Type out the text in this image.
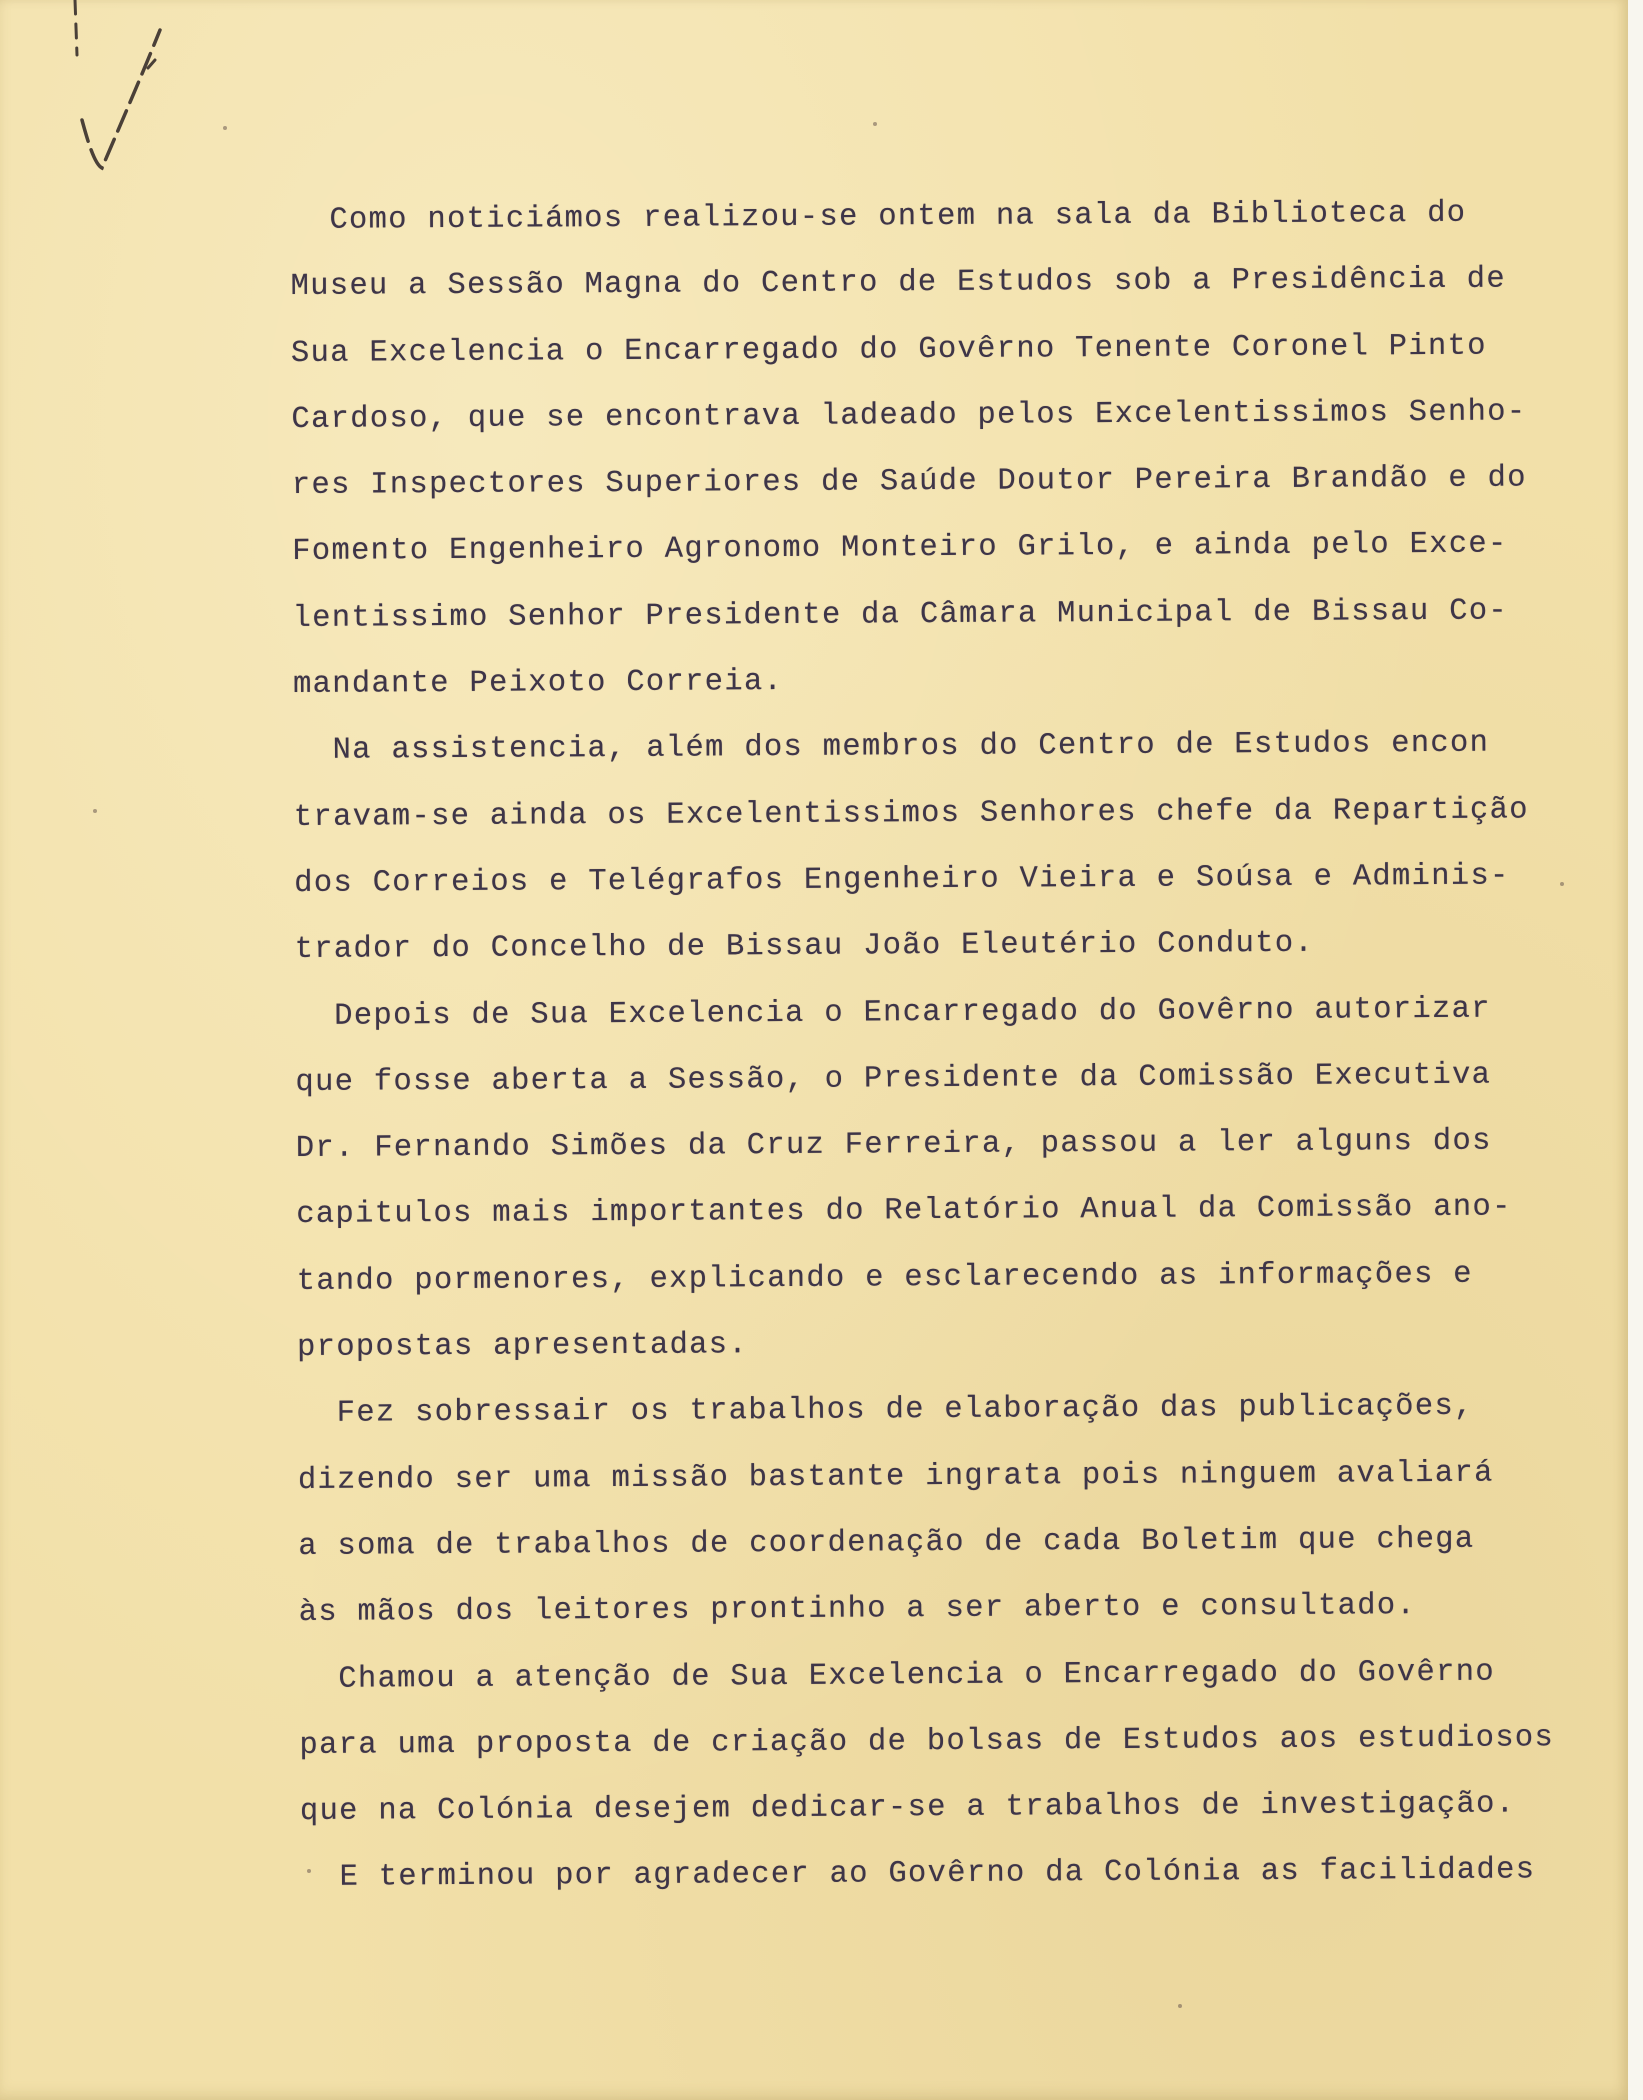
Como noticiámos realizou-se ontem na sala da Biblioteca do
Museu a Sessão Magna do Centro de Estudos sob a Presidência de
Sua Excelencia o Encarregado do Govêrno Tenente Coronel Pinto
Cardoso, que se encontrava ladeado pelos Excelentissimos Senho-
res Inspectores Superiores de Saúde Doutor Pereira Brandão e do
Fomento Engenheiro Agronomo Monteiro Grilo, e ainda pelo Exce-
lentissimo Senhor Presidente da Câmara Municipal de Bissau Co-
mandante Peixoto Correia.
Na assistencia, além dos membros do Centro de Estudos encon
travam-se ainda os Excelentissimos Senhores chefe da Repartição
dos Correios e Telégrafos Engenheiro Vieira e Soúsa e Adminis-
trador do Concelho de Bissau João Eleutério Conduto.
Depois de Sua Excelencia o Encarregado do Govêrno autorizar
que fosse aberta a Sessão, o Presidente da Comissão Executiva
Dr. Fernando Simões da Cruz Ferreira, passou a ler alguns dos
capitulos mais importantes do Relatório Anual da Comissão ano-
tando pormenores, explicando e esclarecendo as informações e
propostas apresentadas.
Fez sobressair os trabalhos de elaboração das publicações,
dizendo ser uma missão bastante ingrata pois ninguem avaliará
a soma de trabalhos de coordenação de cada Boletim que chega
às mãos dos leitores prontinho a ser aberto e consultado.
Chamou a atenção de Sua Excelencia o Encarregado do Govêrno
para uma proposta de criação de bolsas de Estudos aos estudiosos
que na Colónia desejem dedicar-se a trabalhos de investigação.
E terminou por agradecer ao Govêrno da Colónia as facilidades
